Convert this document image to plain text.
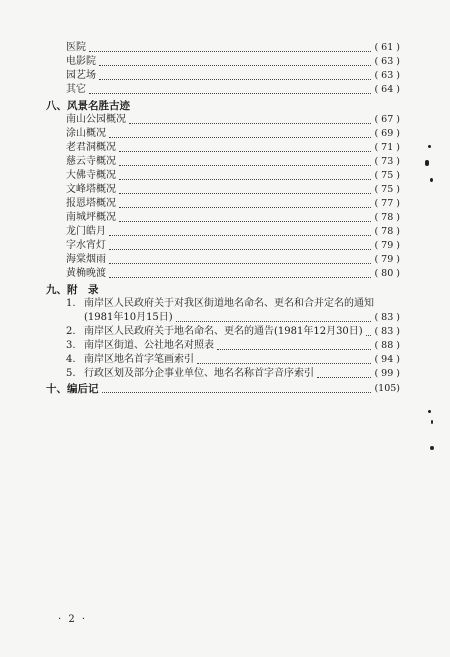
医院	( 61 )
电影院	( 63 )
园艺场	( 63 )
其它	( 64 )
八、风景名胜古迹
南山公园概况	( 67 )
涂山概况	( 69 )
老君洞概况	( 71 )
慈云寺概况	( 73 )
大佛寺概况	( 75 )
文峰塔概况	( 75 )
报恩塔概况	( 77 )
南城坪概况	( 78 )
龙门皓月	( 78 )
字水宵灯	( 79 )
海棠烟雨	( 79 )
黄桷晚渡	( 80 )
九、附　录
1. 南岸区人民政府关于对我区街道地名命名、更名和合并定名的通知
(1981年10月15日)	( 83 )
2. 南岸区人民政府关于地名命名、更名的通告(1981年12月30日) ( 83 )
3. 南岸区街道、公社地名对照表	( 88 )
4. 南岸区地名首字笔画索引	( 94 )
5. 行政区划及部分企事业单位、地名名称首字音序索引	( 99 )
十、编后记	(105)
· 2 ·
